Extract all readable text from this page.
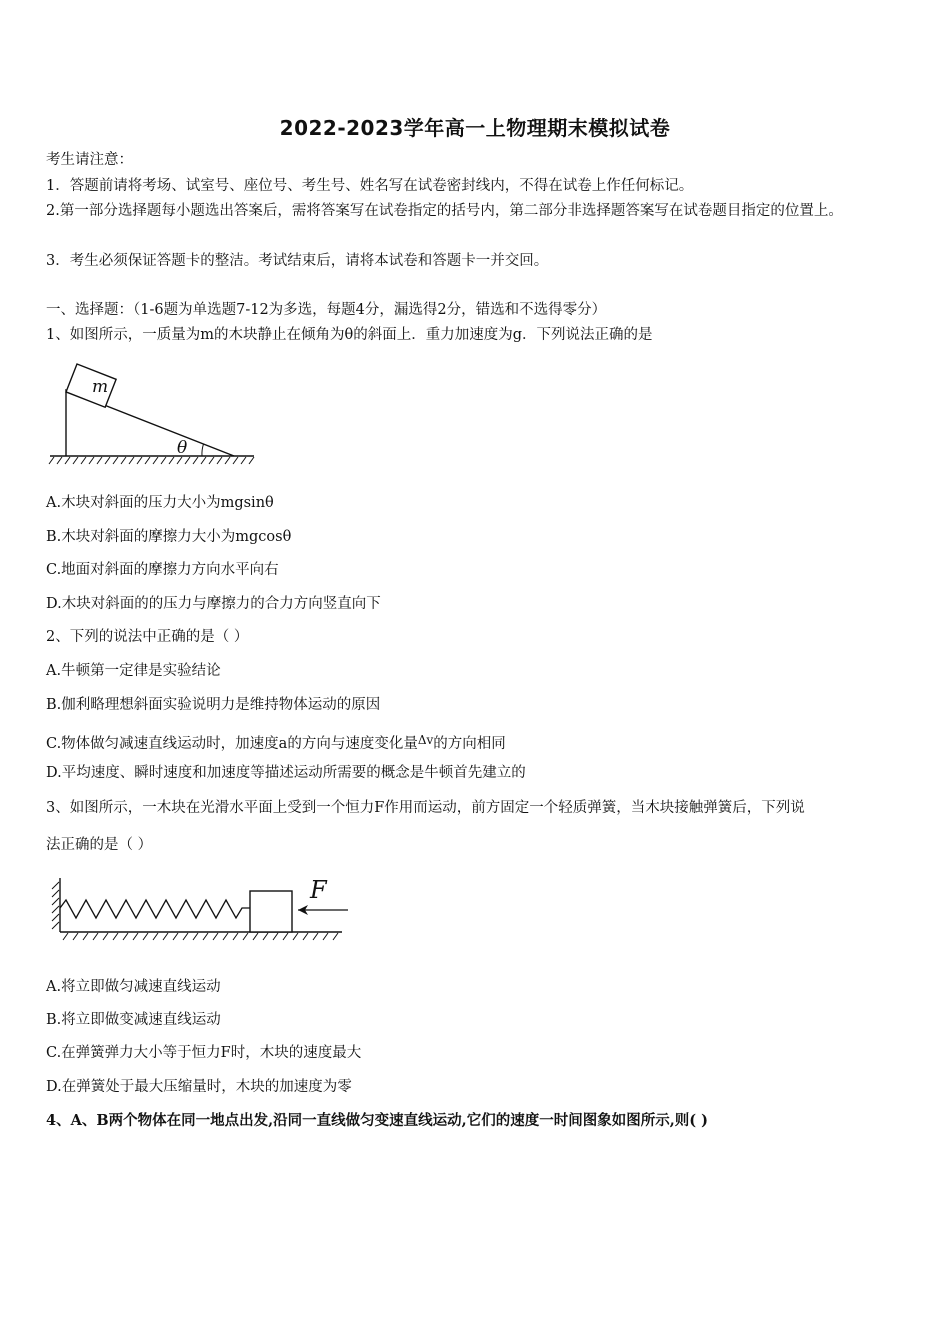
2022-2023学年高一上物理期末模拟试卷
考生请注意：
1．答题前请将考场、试室号、座位号、考生号、姓名写在试卷密封线内，不得在试卷上作任何标记。
2.第一部分选择题每小题选出答案后，需将答案写在试卷指定的括号内，第二部分非选择题答案写在试卷题目指定的位置上。
3．考生必须保证答题卡的整洁。考试结束后，请将本试卷和答题卡一并交回。
一、选择题：（1-6题为单选题7-12为多选，每题4分，漏选得2分，错选和不选得零分）
1、如图所示，一质量为m的木块静止在倾角为θ的斜面上．重力加速度为g．下列说法正确的是
m
θ
A.木块对斜面的压力大小为mgsinθ
B.木块对斜面的摩擦力大小为mgcosθ
C.地面对斜面的摩擦力方向水平向右
D.木块对斜面的的压力与摩擦力的合力方向竖直向下
2、下列的说法中正确的是（ ）
A.牛顿第一定律是实验结论
B.伽利略理想斜面实验说明力是维持物体运动的原因
C.物体做匀减速直线运动时，加速度a的方向与速度变化量$^{\Delta v}$的方向相同
D.平均速度、瞬时速度和加速度等描述运动所需要的概念是牛顿首先建立的
3、如图所示，一木块在光滑水平面上受到一个恒力F作用而运动，前方固定一个轻质弹簧，当木块接触弹簧后，下列说
法正确的是（ ）
F
A.将立即做匀减速直线运动
B.将立即做变减速直线运动
C.在弹簧弹力大小等于恒力F时，木块的速度最大
D.在弹簧处于最大压缩量时，木块的加速度为零
4、A、B两个物体在同一地点出发,沿同一直线做匀变速直线运动,它们的速度一时间图象如图所示,则( )
